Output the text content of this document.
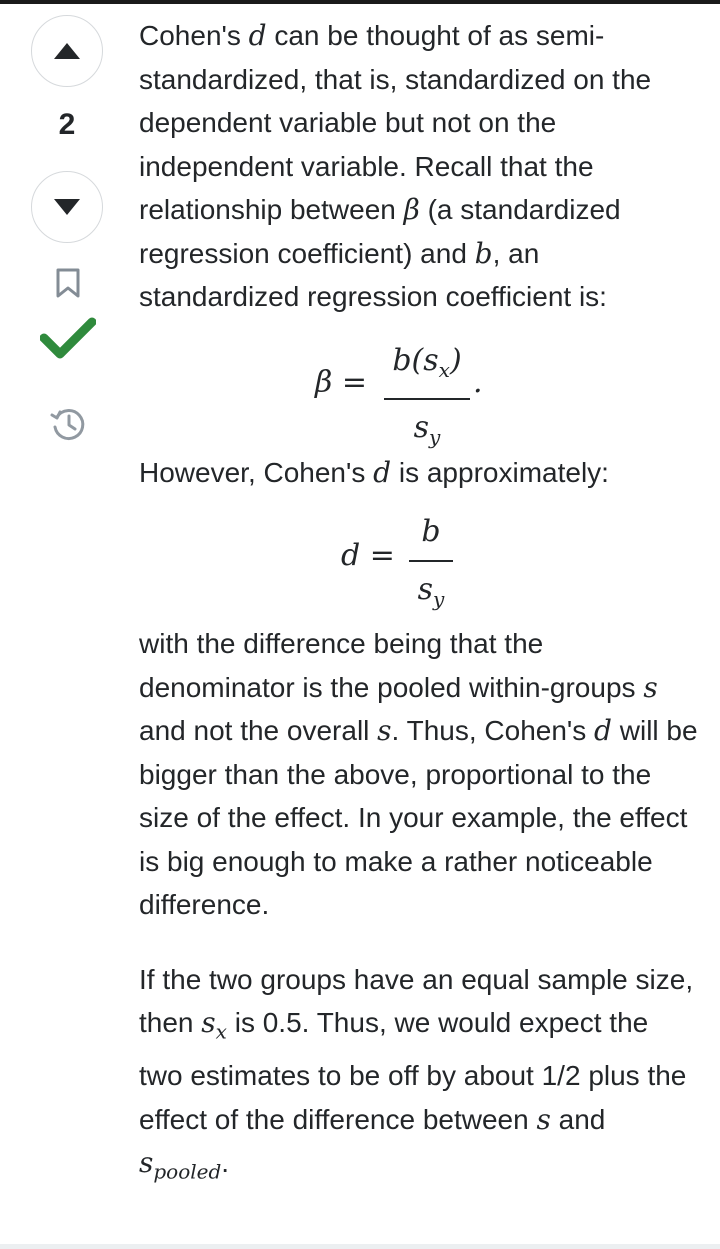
2

Cohen's d can be thought of as semi-standardized, that is, standardized on the dependent variable but not on the independent variable. Recall that the relationship between β (a standardized regression coefficient) and b, an standardized regression coefficient is:

β =
$b(s_x)$
$s_y$
.

However, Cohen's d is approximately:

d =
b
$s_y$

with the difference being that the denominator is the pooled within-groups s and not the overall s. Thus, Cohen's d will be bigger than the above, proportional to the size of the effect. In your example, the effect is big enough to make a rather noticeable difference.

If the two groups have an equal sample size, then $s_x$ is 0.5. Thus, we would expect the two estimates to be off by about 1/2 plus the effect of the difference between s and $s_{pooled}$.
